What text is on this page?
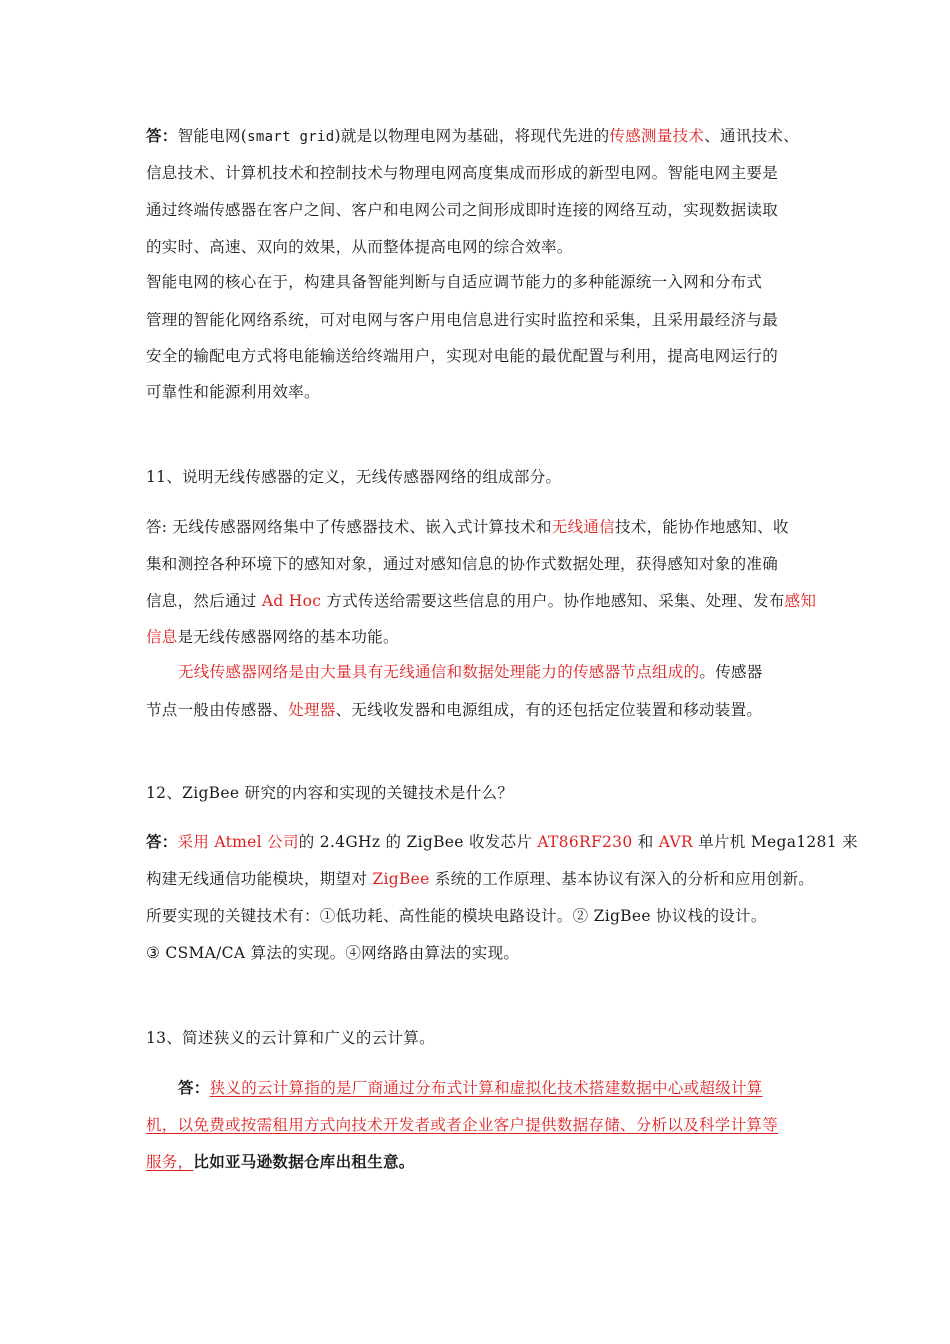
答：智能电网(smart grid)就是以物理电网为基础，将现代先进的传感测量技术、通讯技术、
信息技术、计算机技术和控制技术与物理电网高度集成而形成的新型电网。智能电网主要是
通过终端传感器在客户之间、客户和电网公司之间形成即时连接的网络互动，实现数据读取
的实时、高速、双向的效果，从而整体提高电网的综合效率。
智能电网的核心在于，构建具备智能判断与自适应调节能力的多种能源统一入网和分布式
管理的智能化网络系统，可对电网与客户用电信息进行实时监控和采集，且采用最经济与最
安全的输配电方式将电能输送给终端用户，实现对电能的最优配置与利用，提高电网运行的
可靠性和能源利用效率。
11、说明无线传感器的定义，无线传感器网络的组成部分。
答: 无线传感器网络集中了传感器技术、嵌入式计算技术和无线通信技术，能协作地感知、收
集和测控各种环境下的感知对象，通过对感知信息的协作式数据处理，获得感知对象的准确
信息，然后通过 Ad Hoc 方式传送给需要这些信息的用户。协作地感知、采集、处理、发布感知
信息是无线传感器网络的基本功能。
无线传感器网络是由大量具有无线通信和数据处理能力的传感器节点组成的。传感器
节点一般由传感器、处理器、无线收发器和电源组成，有的还包括定位装置和移动装置。
12、ZigBee 研究的内容和实现的关键技术是什么？
答：采用 Atmel 公司的 2.4GHz 的 ZigBee 收发芯片 AT86RF230 和 AVR 单片机 Mega1281 来
构建无线通信功能模块，期望对 ZigBee 系统的工作原理、基本协议有深入的分析和应用创新。
所要实现的关键技术有：①低功耗、高性能的模块电路设计。② ZigBee 协议栈的设计。
③ CSMA/CA 算法的实现。④网络路由算法的实现。
13、简述狭义的云计算和广义的云计算。
答：狭义的云计算指的是厂商通过分布式计算和虚拟化技术搭建数据中心或超级计算
机，以免费或按需租用方式向技术开发者或者企业客户提供数据存储、分析以及科学计算等
服务，比如亚马逊数据仓库出租生意。
